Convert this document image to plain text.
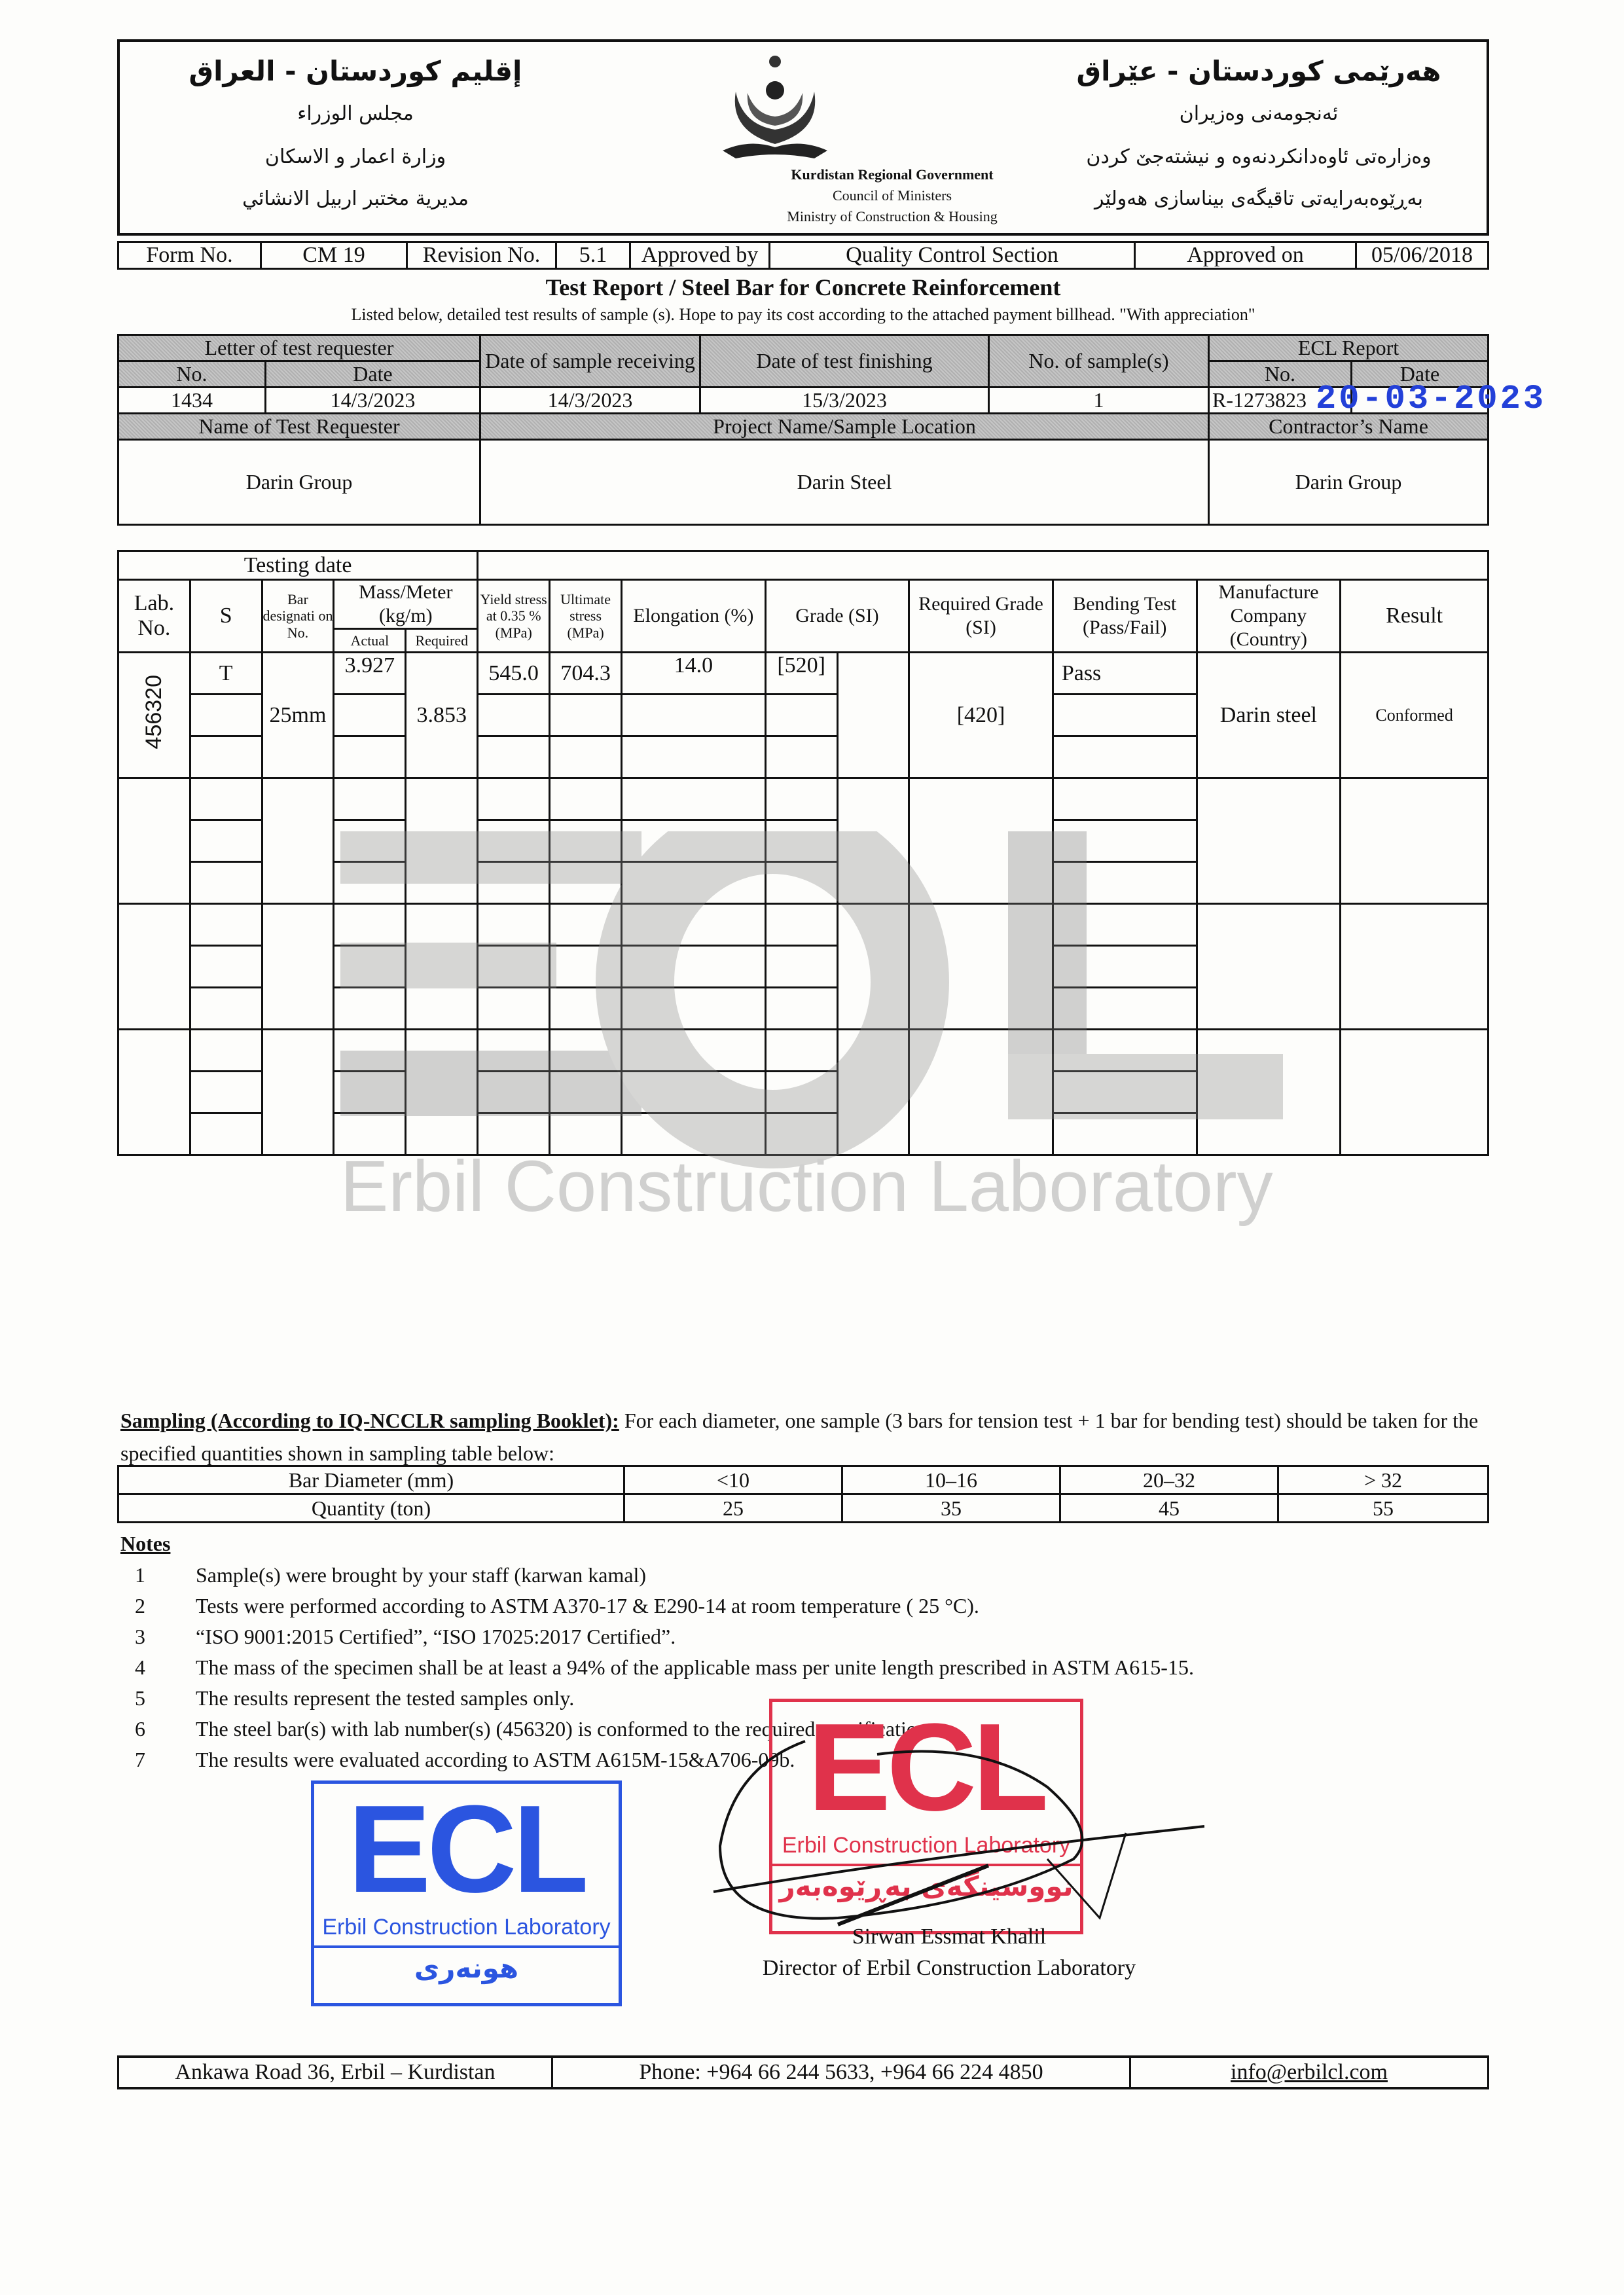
إقليم كوردستان - العراق
مجلس الوزراء
وزارة اعمار و الاسكان
مديرية مختبر اربيل الانشائي
Kurdistan Regional Government
Council of Ministers
Ministry of Construction & Housing
هەرێمی كوردستان - عێراق
ئەنجومەنی وەزیران
وەزارەتی ئاوەدانكردنەوە و نیشتەجێ كردن
بەڕێوەبەرایەتی تاقیگەی بیناسازی هەولێر
Form No.	CM 19	Revision No.	5.1	Approved by	Quality Control Section	Approved on	05/06/2018
Test Report / Steel Bar for Concrete Reinforcement
Listed below, detailed test results of sample (s). Hope to pay its cost according to the attached payment billhead. "With appreciation"
Letter of test requester		Date of sample receiving	Date of test finishing	No. of sample(s)	ECL Report	
No.	Date				No.	Date
1434	14/3/2023	14/3/2023	15/3/2023	1	R-1273823	
Name of Test Requester		Project Name/Sample Location			Contractor’s Name	
Darin Group		Darin Steel			Darin Group	
20-03-2023
Testing date													
Lab. No.	S	Bar designati on No.	Mass/Meter (kg/m)		Yield stress at 0.35 % (MPa)	Ultimate stress (MPa)	Elongation (%)	Grade (SI)		Required Grade (SI)	Bending Test (Pass/Fail)	Manufacture Company (Country)	Result
			Actual	Required									
456320	T	25mm	3.927	3.853	545.0	704.3	14.0	[520]		[420]	Pass	Darin steel	Conformed

Erbil Construction Laboratory
Sampling (According to IQ-NCCLR sampling Booklet): For each diameter, one sample (3 bars for tension test + 1 bar for bending test) should be taken for the specified quantities shown in sampling table below:
Bar Diameter (mm)	<10	10–16	20–32	> 32
Quantity (ton)	25	35	45	55
Notes
1	Sample(s) were brought by your staff (karwan kamal)
2	Tests were performed according to ASTM A370-17 & E290-14 at room temperature ( 25 °C).
3	“ISO 9001:2015 Certified”, “ISO 17025:2017 Certified”.
4	The mass of the specimen shall be at least a 94% of the applicable mass per unite length prescribed in ASTM A615-15.
5	The results represent the tested samples only.
6	The steel bar(s) with lab number(s) (456320) is conformed to the required specifications.
7	The results were evaluated according to ASTM A615M-15&A706-09b.
ECL
Erbil Construction Laboratory
هونەری
ECL
Erbil Construction Laboratory
نووسینگەی بەڕێوەبەر
Sirwan Essmat Khalil
Director of Erbil Construction Laboratory
Ankawa Road 36, Erbil – Kurdistan	Phone: +964 66 244 5633, +964 66 224 4850	info@erbilcl.com
